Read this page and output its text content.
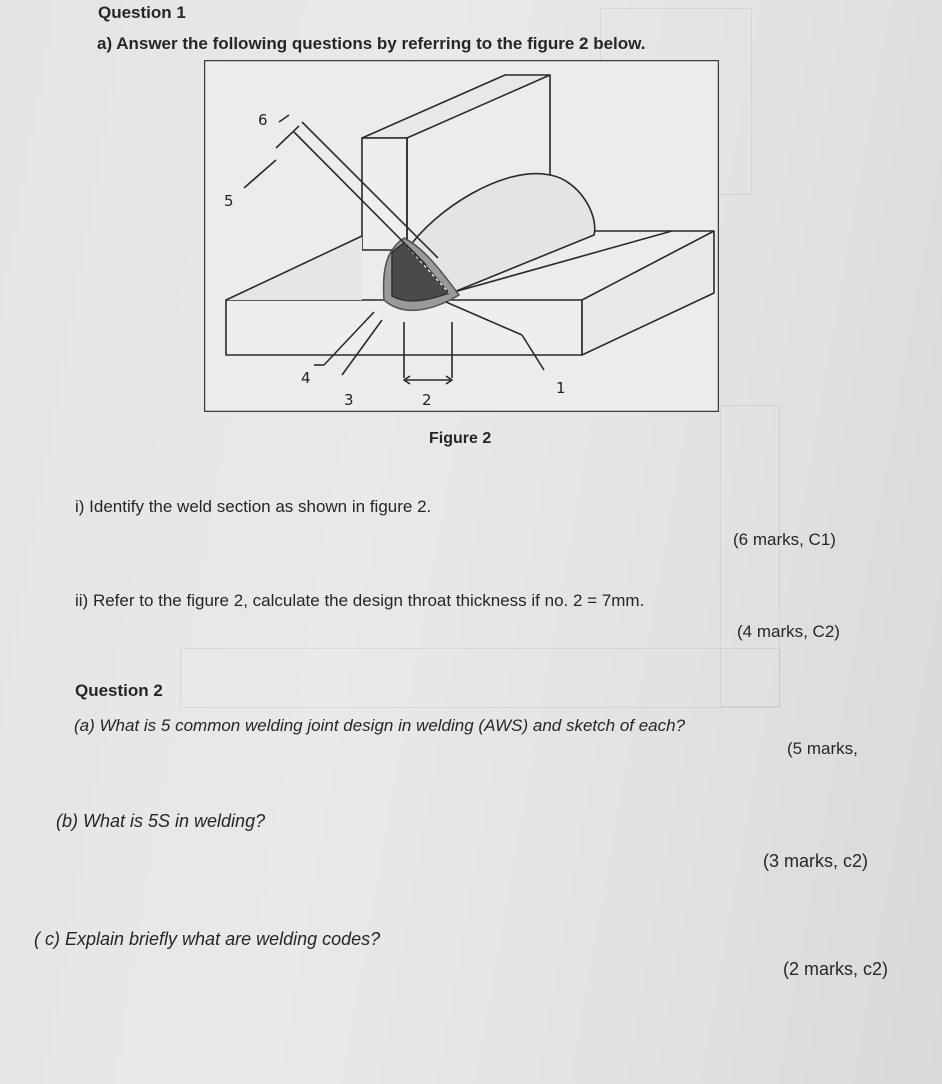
Question 1
a) Answer the following questions by referring to the figure 2 below.
6
5
4
3	2
1
Figure 2
i) Identify the weld section as shown in figure 2.
(6 marks, C1)
ii) Refer to the figure 2, calculate the design throat thickness if no. 2 = 7mm.
(4 marks, C2)
Question 2
(a) What is 5 common welding joint design in welding (AWS) and sketch of each?
(5 marks,
(b) What is 5S in welding?
(3 marks, c2)
( c) Explain briefly what are welding codes?
(2 marks, c2)
